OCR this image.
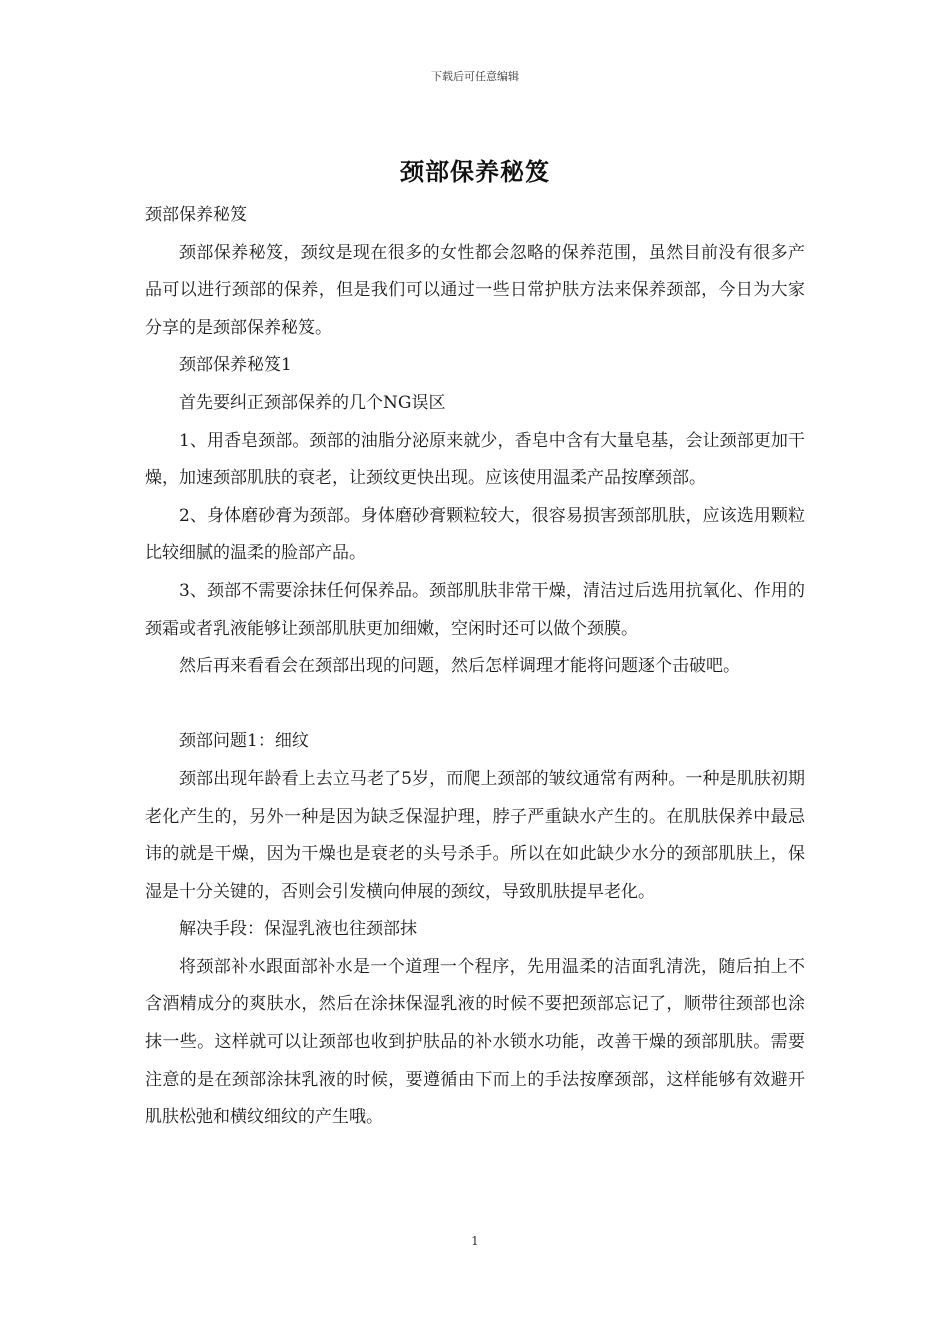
下载后可任意编辑
颈部保养秘笈

颈部保养秘笈

颈部保养秘笈，颈纹是现在很多的女性都会忽略的保养范围，虽然目前没有很多产品可以进行颈部的保养，但是我们可以通过一些日常护肤方法来保养颈部，今日为大家分享的是颈部保养秘笈。

颈部保养秘笈1

首先要纠正颈部保养的几个NG误区

1、用香皂颈部。颈部的油脂分泌原来就少，香皂中含有大量皂基，会让颈部更加干燥，加速颈部肌肤的衰老，让颈纹更快出现。应该使用温柔产品按摩颈部。

2、身体磨砂膏为颈部。身体磨砂膏颗粒较大，很容易损害颈部肌肤，应该选用颗粒比较细腻的温柔的脸部产品。

3、颈部不需要涂抹任何保养品。颈部肌肤非常干燥，清洁过后选用抗氧化、作用的颈霜或者乳液能够让颈部肌肤更加细嫩，空闲时还可以做个颈膜。

然后再来看看会在颈部出现的问题，然后怎样调理才能将问题逐个击破吧。

颈部问题1：细纹

颈部出现年龄看上去立马老了5岁，而爬上颈部的皱纹通常有两种。一种是肌肤初期老化产生的，另外一种是因为缺乏保湿护理，脖子严重缺水产生的。在肌肤保养中最忌讳的就是干燥，因为干燥也是衰老的头号杀手。所以在如此缺少水分的颈部肌肤上，保湿是十分关键的，否则会引发横向伸展的颈纹，导致肌肤提早老化。

解决手段：保湿乳液也往颈部抹

将颈部补水跟面部补水是一个道理一个程序，先用温柔的洁面乳清洗，随后拍上不含酒精成分的爽肤水，然后在涂抹保湿乳液的时候不要把颈部忘记了，顺带往颈部也涂抹一些。这样就可以让颈部也收到护肤品的补水锁水功能，改善干燥的颈部肌肤。需要注意的是在颈部涂抹乳液的时候，要遵循由下而上的手法按摩颈部，这样能够有效避开肌肤松弛和横纹细纹的产生哦。

1
